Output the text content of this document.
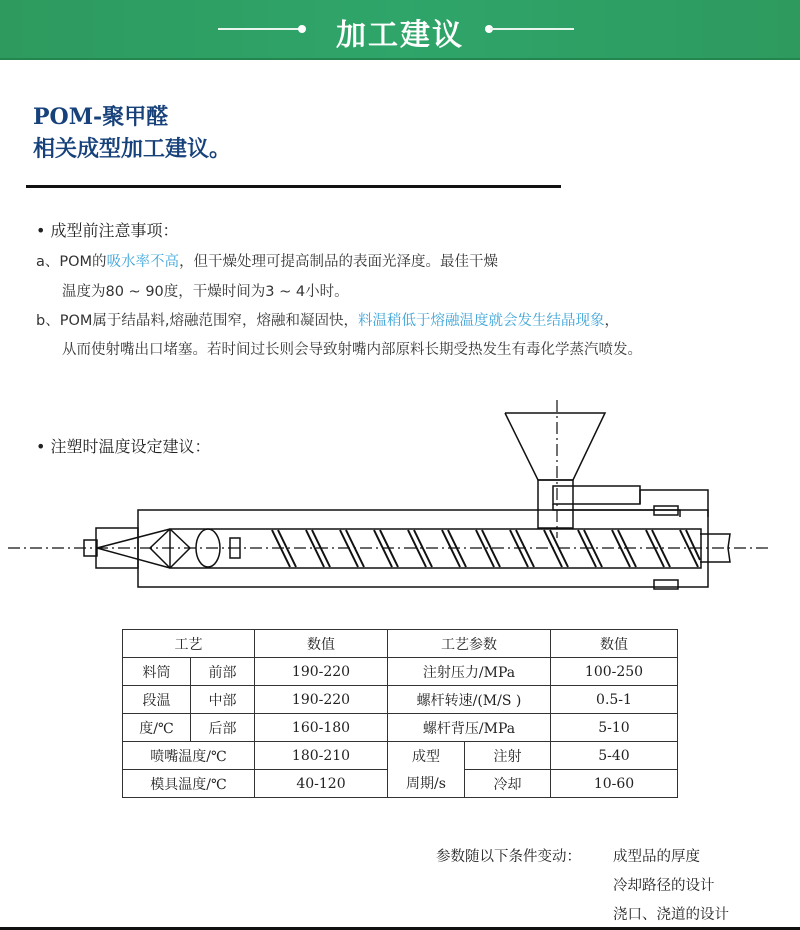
加工建议
POM-聚甲醛
相关成型加工建议。
• 成型前注意事项：
a、POM的吸水率不高，但干燥处理可提高制品的表面光泽度。最佳干燥
温度为80 ~ 90度，干燥时间为3 ~ 4小时。
b、POM属于结晶料,熔融范围窄，熔融和凝固快，料温稍低于熔融温度就会发生结晶现象，
从而使射嘴出口堵塞。若时间过长则会导致射嘴内部原料长期受热发生有毒化学蒸汽喷发。
• 注塑时温度设定建议：
工艺		数值	工艺参数		数值
料筒	前部	190-220	注射压力/MPa		100-250
段温	中部	190-220	螺杆转速/(M/S )		0.5-1
度/℃	后部	160-180	螺杆背压/MPa		5-10
喷嘴温度/℃		180-210	成型	注射	5-40
模具温度/℃		40-120	周期/s	冷却	10-60
参数随以下条件变动： 成型品的厚度
冷却路径的设计
浇口、浇道的设计
